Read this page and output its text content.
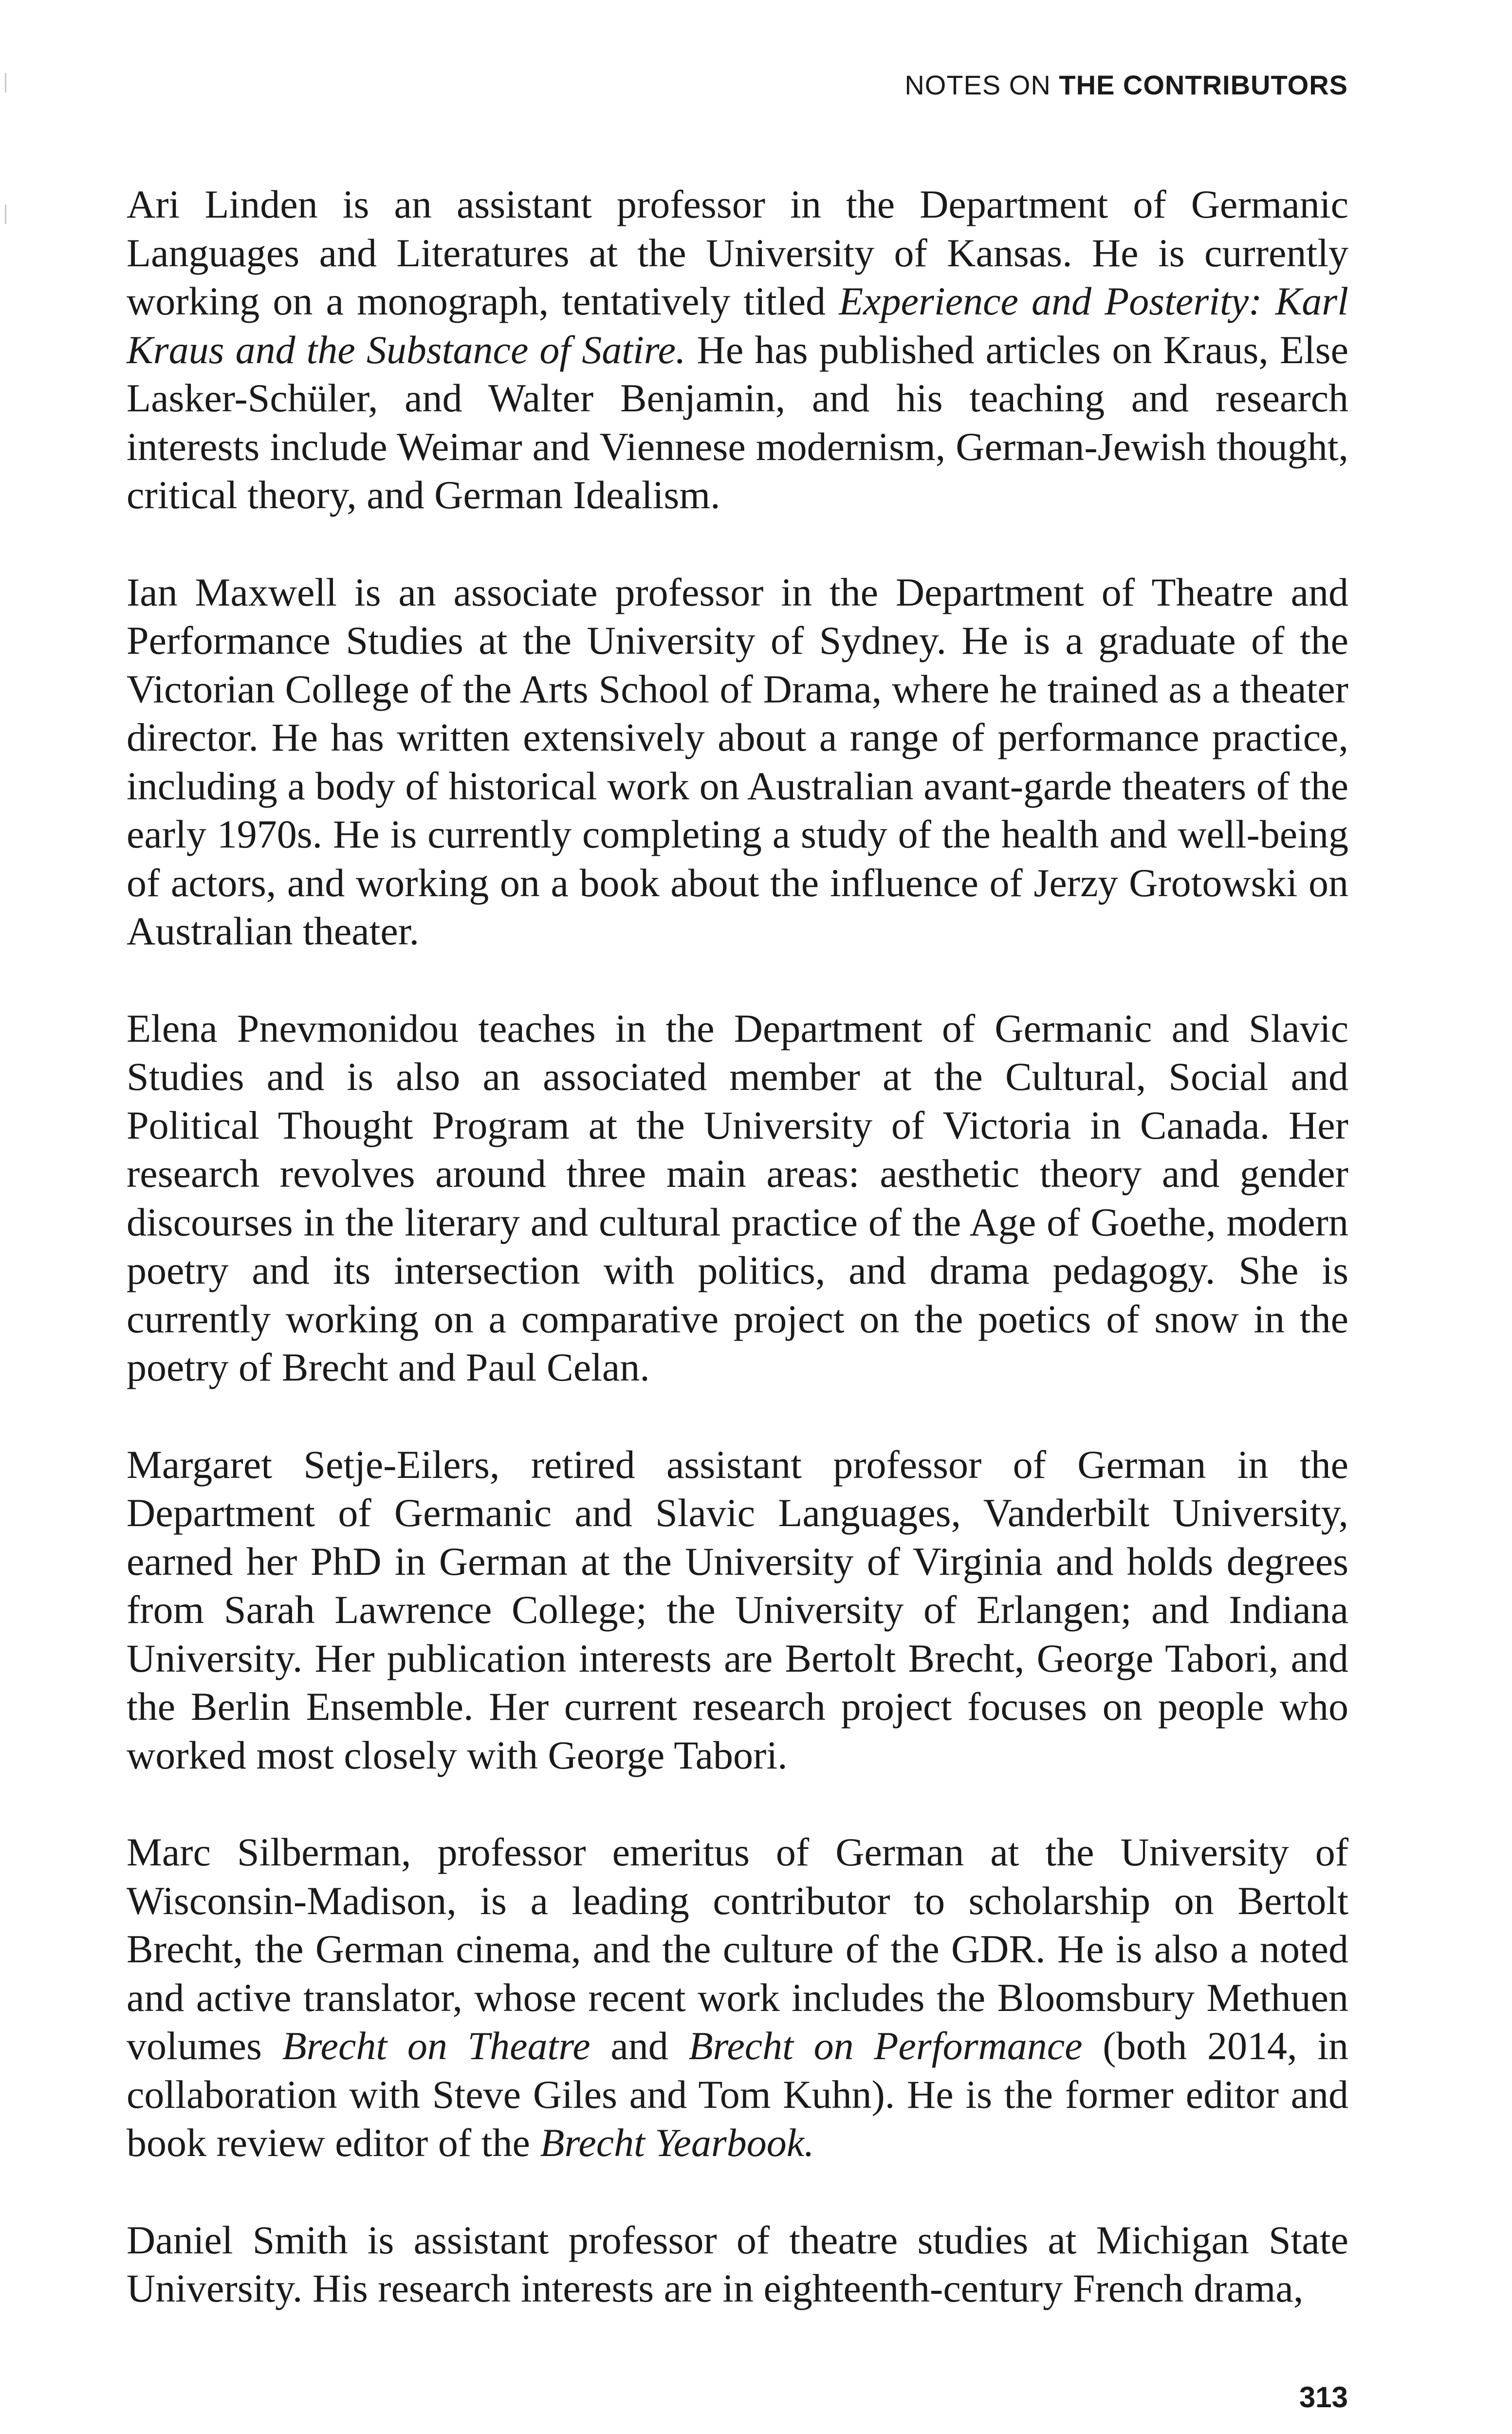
NOTES ON THE CONTRIBUTORS

Ari Linden is an assistant professor in the Department of Germanic Languages and Literatures at the University of Kansas. He is currently working on a monograph, tentatively titled Experience and Posterity: Karl Kraus and the Substance of Satire. He has published articles on Kraus, Else Lasker-Schüler, and Walter Benjamin, and his teaching and research interests include Weimar and Viennese modernism, German-Jewish thought, critical theory, and German Idealism.

Ian Maxwell is an associate professor in the Department of Theatre and Performance Studies at the University of Sydney. He is a graduate of the Victorian College of the Arts School of Drama, where he trained as a theater director. He has written extensively about a range of performance practice, including a body of historical work on Australian avant-garde theaters of the early 1970s. He is currently completing a study of the health and well-being of actors, and working on a book about the influence of Jerzy Grotowski on Australian theater.

Elena Pnevmonidou teaches in the Department of Germanic and Slavic Studies and is also an associated member at the Cultural, Social and Political Thought Program at the University of Victoria in Canada. Her research revolves around three main areas: aesthetic theory and gender discourses in the literary and cultural practice of the Age of Goethe, modern poetry and its intersection with politics, and drama pedagogy. She is currently working on a comparative project on the poetics of snow in the poetry of Brecht and Paul Celan.

Margaret Setje-Eilers, retired assistant professor of German in the Department of Germanic and Slavic Languages, Vanderbilt University, earned her PhD in German at the University of Virginia and holds degrees from Sarah Lawrence College; the University of Erlangen; and Indiana University. Her publication interests are Bertolt Brecht, George Tabori, and the Berlin Ensemble. Her current research project focuses on people who worked most closely with George Tabori.

Marc Silberman, professor emeritus of German at the University of Wisconsin-Madison, is a leading contributor to scholarship on Bertolt Brecht, the German cinema, and the culture of the GDR. He is also a noted and active translator, whose recent work includes the Bloomsbury Methuen volumes Brecht on Theatre and Brecht on Performance (both 2014, in collaboration with Steve Giles and Tom Kuhn). He is the former editor and book review editor of the Brecht Yearbook.

Daniel Smith is assistant professor of theatre studies at Michigan State University. His research interests are in eighteenth-century French drama,

313
